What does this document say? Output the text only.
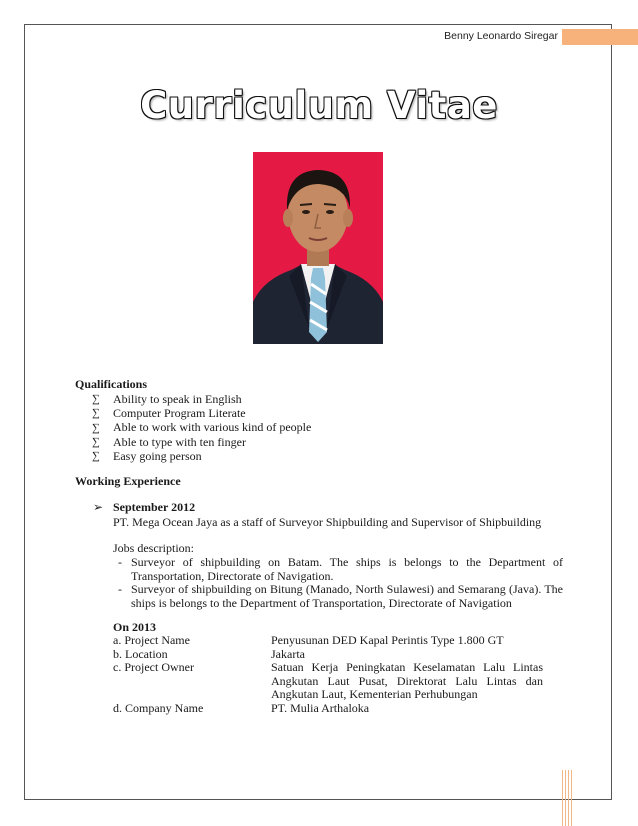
Benny Leonardo Siregar
Curriculum Vitae
Qualifications
∑	Ability to speak in English
∑	Computer Program Literate
∑	Able to work with various kind of people
∑	Able to type with ten finger
∑	Easy going person
Working Experience
➢ September 2012
PT. Mega Ocean Jaya as a staff of Surveyor Shipbuilding and Supervisor of Shipbuilding
Jobs description:
- Surveyor of shipbuilding on Batam. The ships is belongs to the Department of Transportation, Directorate of Navigation.
- Surveyor of shipbuilding on Bitung (Manado, North Sulawesi) and Semarang (Java). The ships is belongs to the Department of Transportation, Directorate of Navigation
On 2013
a. Project Name	Penyusunan DED Kapal Perintis Type 1.800 GT
b. Location	Jakarta
c. Project Owner	Satuan Kerja Peningkatan Keselamatan Lalu Lintas Angkutan Laut Pusat, Direktorat Lalu Lintas dan Angkutan Laut, Kementerian Perhubungan
d. Company Name	PT. Mulia Arthaloka
